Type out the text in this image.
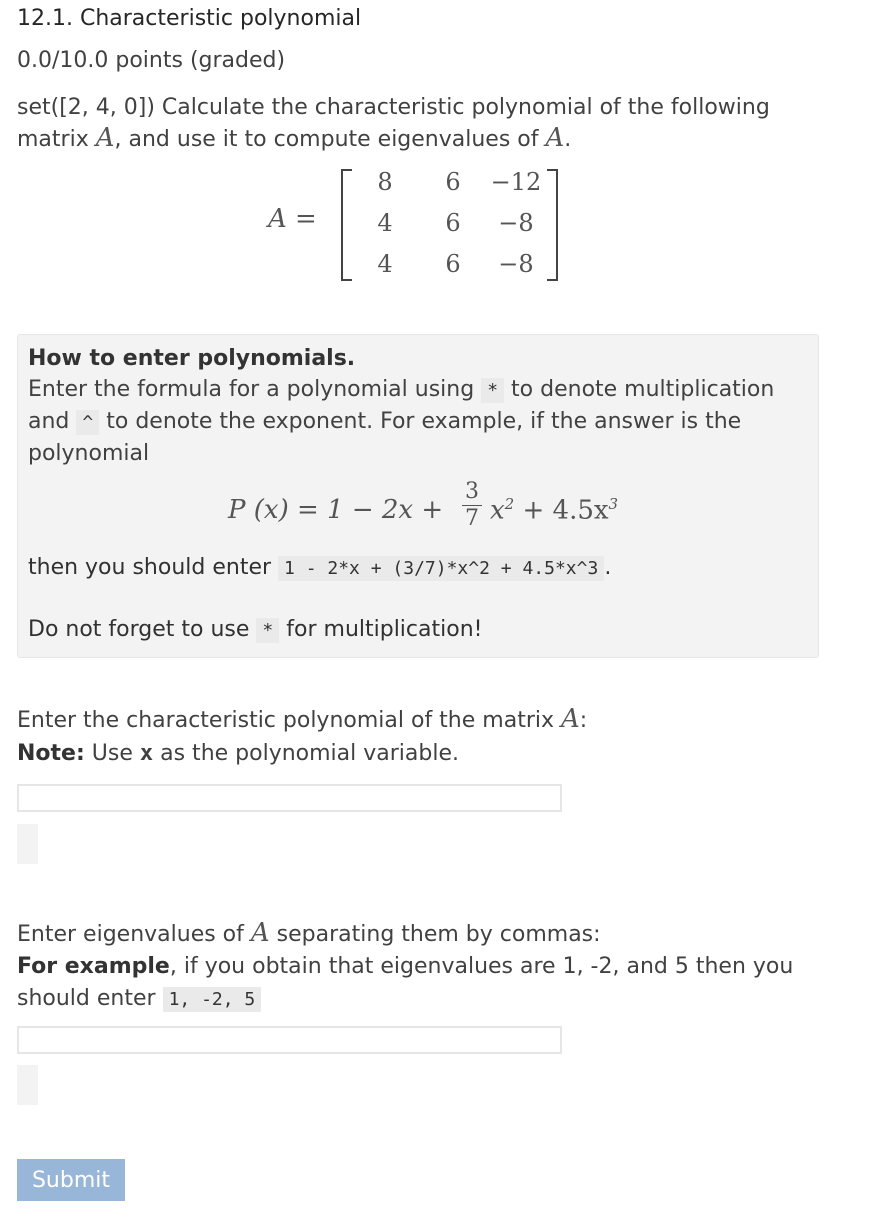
12.1. Characteristic polynomial
0.0/10.0 points (graded)
set([2, 4, 0]) Calculate the characteristic polynomial of the following matrix A, and use it to compute eigenvalues of A.
A =
8	6	−12
4	6	−8
4	6	−8
How to enter polynomials.
Enter the formula for a polynomial using * to denote multiplication and ^ to denote the exponent. For example, if the answer is the polynomial
P $(x) = 1 - 2x + \frac{3}{7} x^2 + 4.5x^3$
then you should enter 1 - 2*x + (3/7)*x^2 + 4.5*x^3 .
Do not forget to use * for multiplication!
Enter the characteristic polynomial of the matrix A:
Note: Use x as the polynomial variable.
Enter eigenvalues of A separating them by commas:
For example, if you obtain that eigenvalues are 1, -2, and 5 then you should enter 1, -2, 5
Submit
